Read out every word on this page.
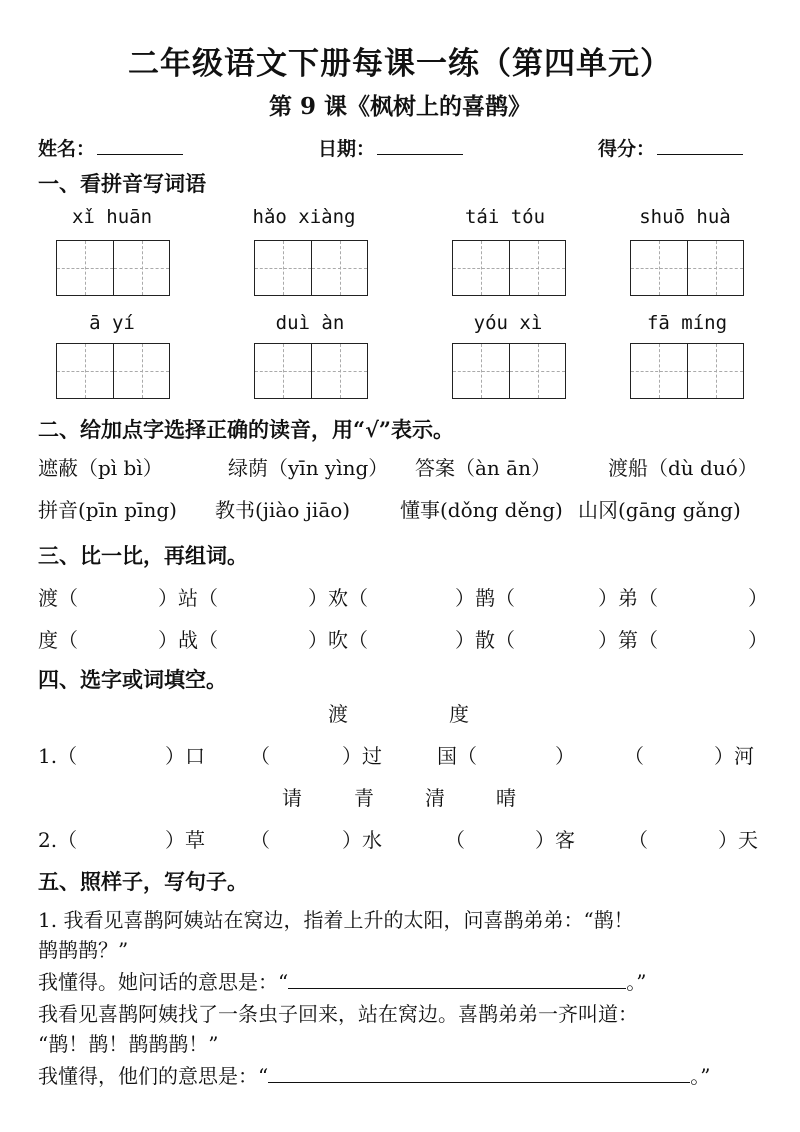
二年级语文下册每课一练（第四单元）
第 9 课《枫树上的喜鹊》
姓名：	日期：	得分：
一、看拼音写词语
xǐ huān	hǎo xiàng	tái tóu	shuō huà
ā yí	duì àn	yóu xì	fā míng
二、给加点字选择正确的读音，用“√”表示。
遮蔽（pì bì）	绿荫（yīn yìng） 答案（àn ān）	渡船（dù duó）
拼音(pīn pīng) 教书(jiào jiāo) 懂事(dǒng děng) 山冈(gāng gǎng)
三、比一比，再组词。
渡（	）站（	）欢（	）鹊（	）弟（	）
度（	）战（	）吹（	）散（	）第（	）
四、选字或词填空。
渡	度
1.（	）口 （	）过	国（	） （	）河
请	青	清	晴
2.（	）草 （	）水	（	）客	（	）天
五、照样子，写句子。
1. 我看见喜鹊阿姨站在窝边，指着上升的太阳，问喜鹊弟弟：“鹊！
鹊鹊鹊？”
我懂得。她问话的意思是：“	。”
我看见喜鹊阿姨找了一条虫子回来，站在窝边。喜鹊弟弟一齐叫道：
“鹊！鹊！鹊鹊鹊！”
我懂得，他们的意思是：“	。”
